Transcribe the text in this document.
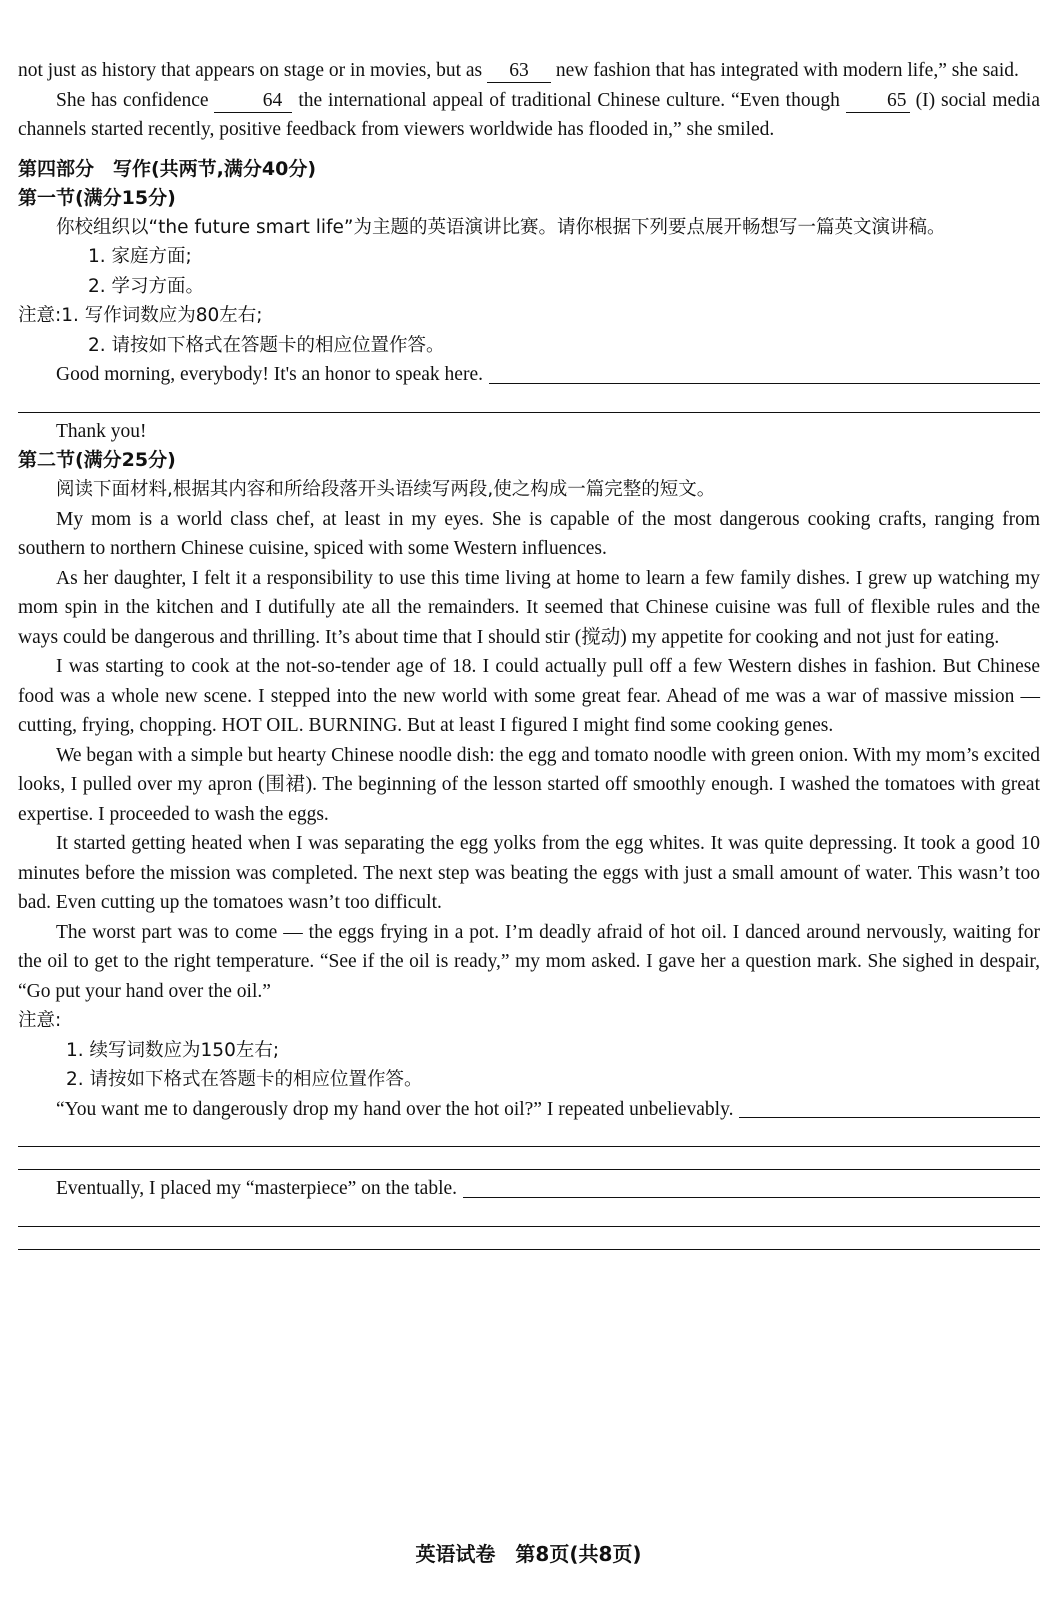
not just as history that appears on stage or in movies, but as 63 new fashion that has integrated with modern life,” she said.

She has confidence	64 the international appeal of traditional Chinese culture. “Even though 65 (I) social media channels started recently, positive feedback from viewers worldwide has flooded in,” she smiled.

第四部分　写作(共两节,满分40分)
第一节(满分15分)

你校组织以“the future smart life”为主题的英语演讲比赛。请你根据下列要点展开畅想写一篇英文演讲稿。

1. 家庭方面;
2. 学习方面。
注意:1. 写作词数应为80左右;
2. 请按如下格式在答题卡的相应位置作答。
Good morning, everybody! It's an honor to speak here.

Thank you!

第二节(满分25分)

阅读下面材料,根据其内容和所给段落开头语续写两段,使之构成一篇完整的短文。

My mom is a world class chef, at least in my eyes. She is capable of the most dangerous cooking crafts, ranging from southern to northern Chinese cuisine, spiced with some Western influences.

As her daughter, I felt it a responsibility to use this time living at home to learn a few family dishes. I grew up watching my mom spin in the kitchen and I dutifully ate all the remainders. It seemed that Chinese cuisine was full of flexible rules and the ways could be dangerous and thrilling. It’s about time that I should stir (搅动) my appetite for cooking and not just for eating.

I was starting to cook at the not-so-tender age of 18. I could actually pull off a few Western dishes in fashion. But Chinese food was a whole new scene. I stepped into the new world with some great fear. Ahead of me was a war of massive mission — cutting, frying, chopping. HOT OIL. BURNING. But at least I figured I might find some cooking genes.

We began with a simple but hearty Chinese noodle dish: the egg and tomato noodle with green onion. With my mom’s excited looks, I pulled over my apron (围裙). The beginning of the lesson started off smoothly enough. I washed the tomatoes with great expertise. I proceeded to wash the eggs.

It started getting heated when I was separating the egg yolks from the egg whites. It was quite depressing. It took a good 10 minutes before the mission was completed. The next step was beating the eggs with just a small amount of water. This wasn’t too bad. Even cutting up the tomatoes wasn’t too difficult.

The worst part was to come — the eggs frying in a pot. I’m deadly afraid of hot oil. I danced around nervously, waiting for the oil to get to the right temperature. “See if the oil is ready,” my mom asked. I gave her a question mark. She sighed in despair, “Go put your hand over the oil.”

注意:
1. 续写词数应为150左右;
2. 请按如下格式在答题卡的相应位置作答。
“You want me to dangerously drop my hand over the hot oil?” I repeated unbelievably.
Eventually, I placed my “masterpiece” on the table.
英语试卷　第8页(共8页)
